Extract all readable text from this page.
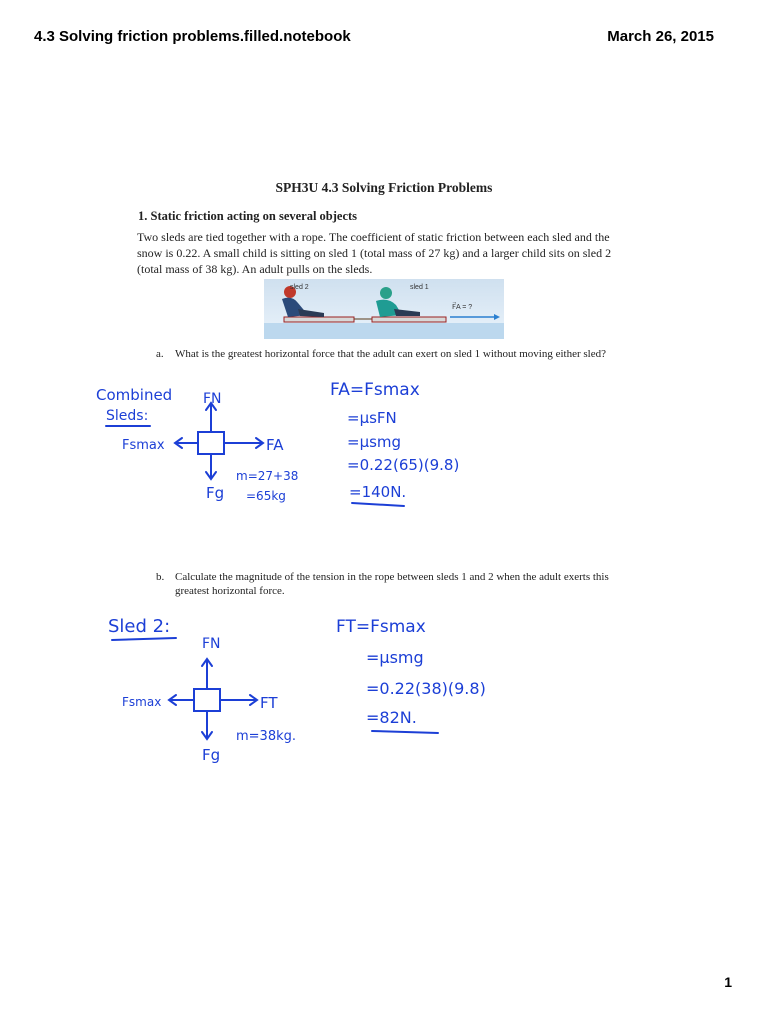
4.3 Solving friction problems.filled.notebook	March 26, 2015
SPH3U 4.3 Solving Friction Problems
1. Static friction acting on several objects
Two sleds are tied together with a rope. The coefficient of static friction between each sled and the snow is 0.22. A small child is sitting on sled 1 (total mass of 27 kg) and a larger child sits on sled 2 (total mass of 38 kg). An adult pulls on the sleds.
sled 2	sled 1
F⃗A = ?
a. What is the greatest horizontal force that the adult can exert on sled 1 without moving either sled?
b. Calculate the magnitude of the tension in the rope between sleds 1 and 2 when the adult exerts this greatest horizontal force.
Combined
Sleds:
FN
Fsmax	FA
Fg
m=27+38
=65kg
FA=Fsmax
=μsFN
=μsmg
=0.22(65)(9.8)
=140N.
Sled 2:
FN
Fsmax	FT
Fg
m=38kg.
FT=Fsmax
=μsmg
=0.22(38)(9.8)
=82N.
1
